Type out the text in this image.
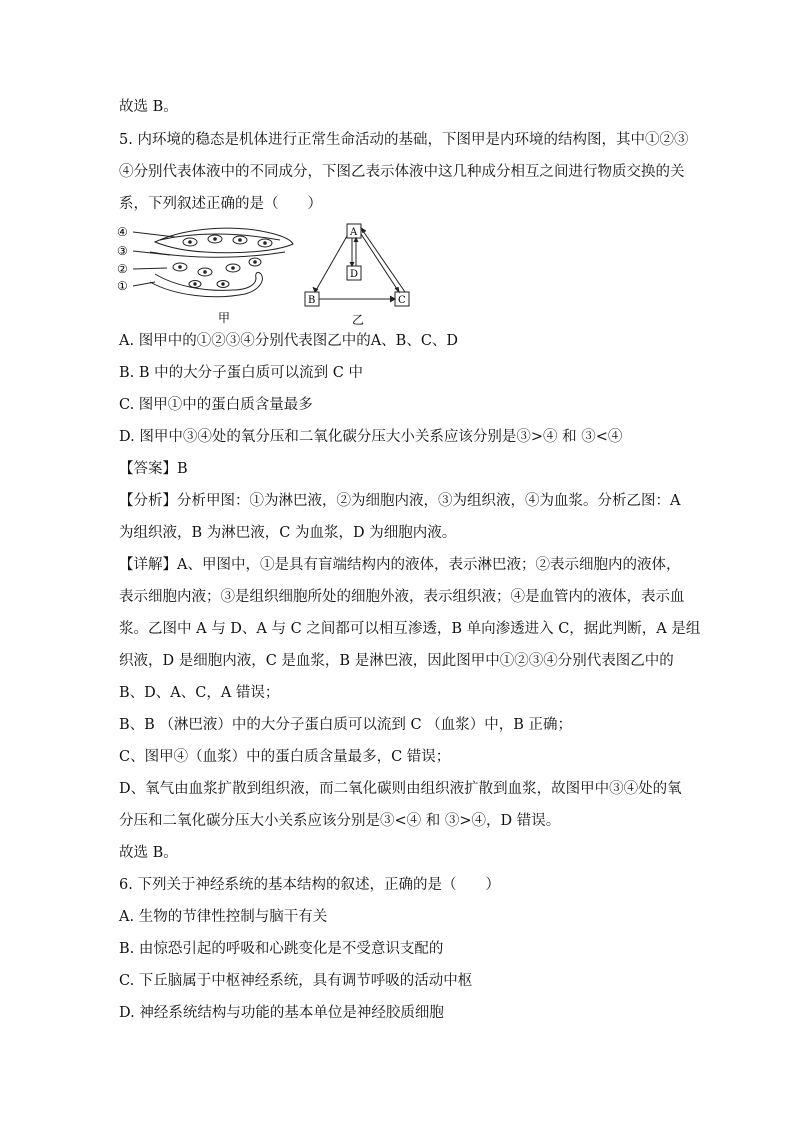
故选 B。
5. 内环境的稳态是机体进行正常生命活动的基础，下图甲是内环境的结构图，其中①②③
④分别代表体液中的不同成分，下图乙表示体液中这几种成分相互之间进行物质交换的关
系，下列叙述正确的是（　　）
④
③
②
①
甲
A
D
B	C
乙
A. 图甲中的①②③④分别代表图乙中的A、B、C、D
B. B 中的大分子蛋白质可以流到 C 中
C. 图甲①中的蛋白质含量最多
D. 图甲中③④处的氧分压和二氧化碳分压大小关系应该分别是③>④ 和 ③<④
【答案】B
【分析】分析甲图：①为淋巴液，②为细胞内液，③为组织液，④为血浆。分析乙图：A
为组织液，B 为淋巴液，C 为血浆，D 为细胞内液。
【详解】A、甲图中，①是具有盲端结构内的液体，表示淋巴液；②表示细胞内的液体，
表示细胞内液；③是组织细胞所处的细胞外液，表示组织液；④是血管内的液体，表示血
浆。乙图中 A 与 D、A 与 C 之间都可以相互渗透，B 单向渗透进入 C，据此判断，A 是组
织液，D 是细胞内液，C 是血浆，B 是淋巴液，因此图甲中①②③④分别代表图乙中的
B、D、A、C，A 错误；
B、B （淋巴液）中的大分子蛋白质可以流到 C （血浆）中，B 正确；
C、图甲④（血浆）中的蛋白质含量最多，C 错误；
D、氧气由血浆扩散到组织液，而二氧化碳则由组织液扩散到血浆，故图甲中③④处的氧
分压和二氧化碳分压大小关系应该分别是③<④ 和 ③>④，D 错误。
故选 B。
6. 下列关于神经系统的基本结构的叙述，正确的是（　　）
A. 生物的节律性控制与脑干有关
B. 由惊恐引起的呼吸和心跳变化是不受意识支配的
C. 下丘脑属于中枢神经系统，具有调节呼吸的活动中枢
D. 神经系统结构与功能的基本单位是神经胶质细胞
